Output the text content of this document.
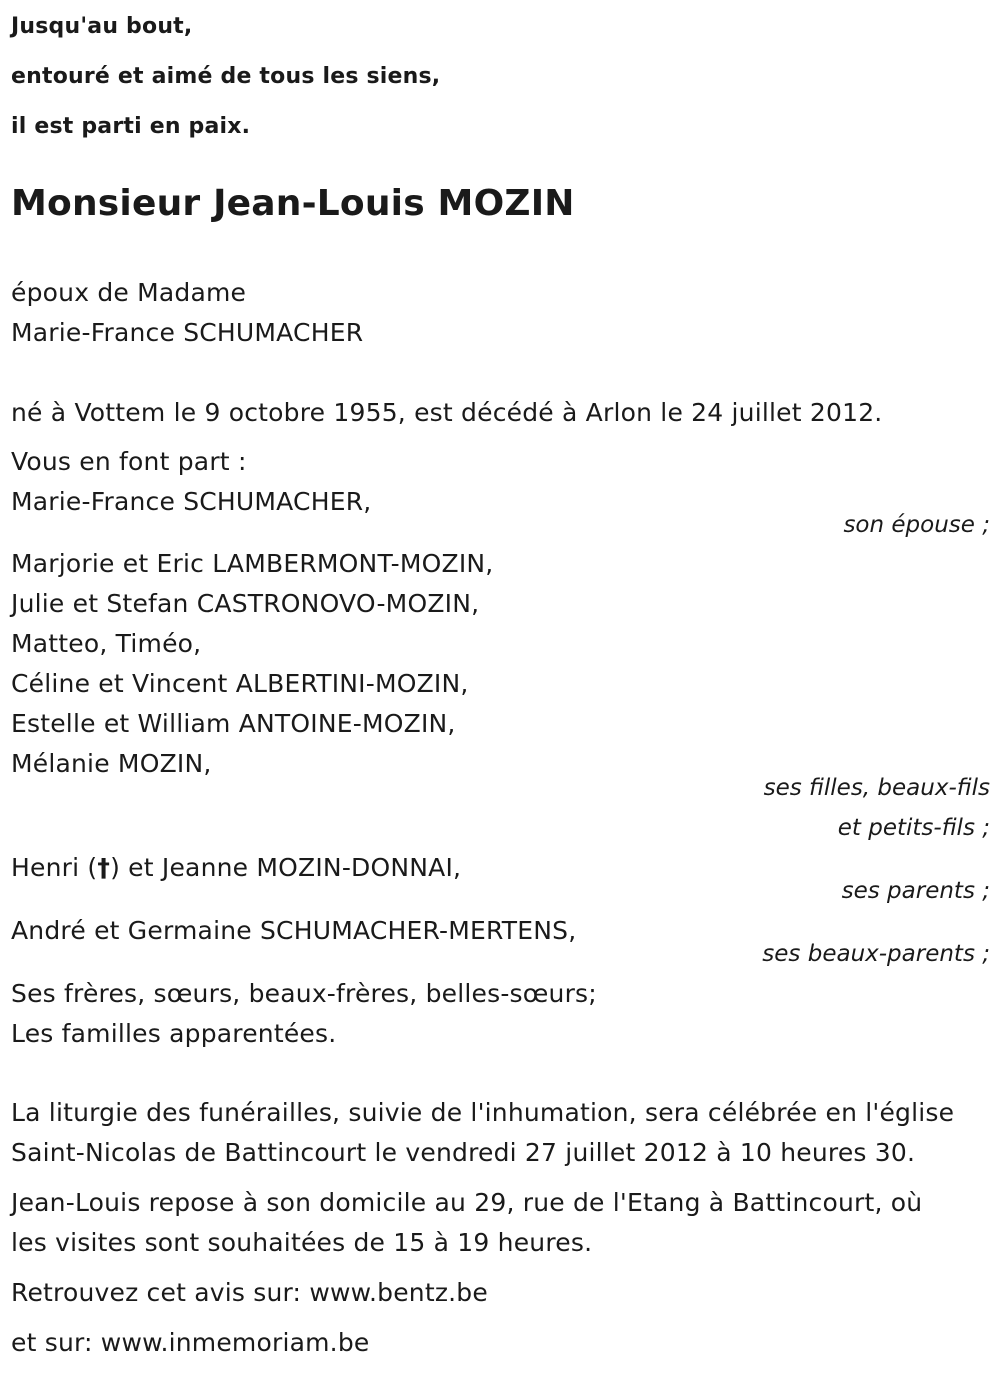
Jusqu'au bout,
entouré et aimé de tous les siens,
il est parti en paix.
Monsieur Jean-Louis MOZIN
époux de Madame
Marie-France SCHUMACHER
né à Vottem le 9 octobre 1955, est décédé à Arlon le 24 juillet 2012.
Vous en font part :
Marie-France SCHUMACHER,
son épouse ;
Marjorie et Eric LAMBERMONT-MOZIN,
Julie et Stefan CASTRONOVO-MOZIN,
Matteo, Timéo,
Céline et Vincent ALBERTINI-MOZIN,
Estelle et William ANTOINE-MOZIN,
Mélanie MOZIN,
ses filles, beaux-fils
et petits-fils ;
Henri (†) et Jeanne MOZIN-DONNAI,
ses parents ;
André et Germaine SCHUMACHER-MERTENS,
ses beaux-parents ;
Ses frères, sœurs, beaux-frères, belles-sœurs;
Les familles apparentées.
La liturgie des funérailles, suivie de l'inhumation, sera célébrée en l'église
Saint-Nicolas de Battincourt le vendredi 27 juillet 2012 à 10 heures 30.
Jean-Louis repose à son domicile au 29, rue de l'Etang à Battincourt, où
les visites sont souhaitées de 15 à 19 heures.
Retrouvez cet avis sur: www.bentz.be
et sur: www.inmemoriam.be
